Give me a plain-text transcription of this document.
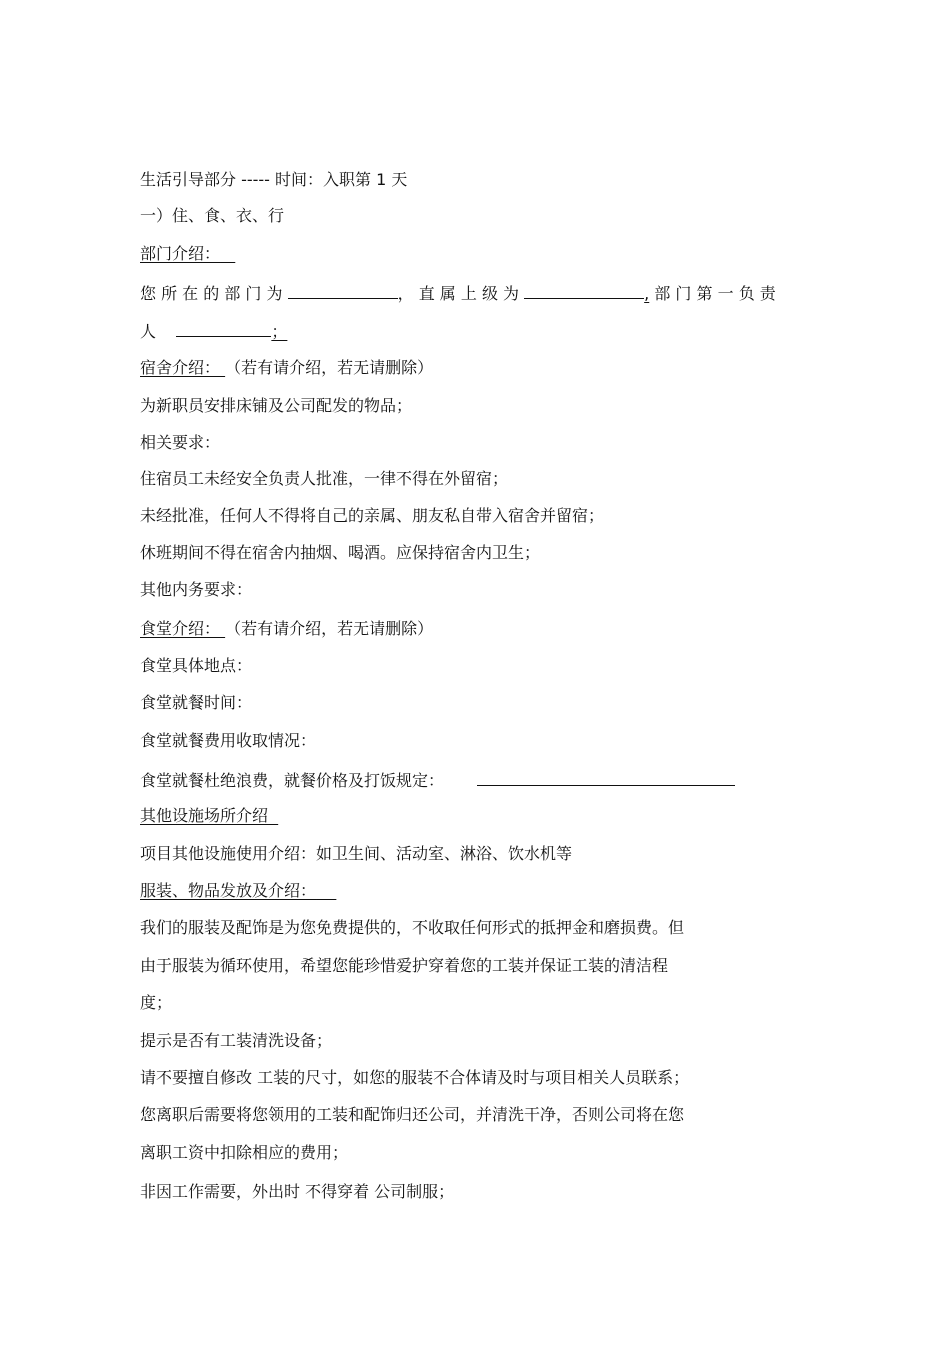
生活引导部分 ----- 时间：入职第 1 天
一）住、食、衣、行
部门介绍：
您 所 在 的 部 门 为	， 直 属 上 级 为	, 部 门 第 一 负 责
人	；
宿舍介绍： （若有请介绍，若无请删除）
为新职员安排床铺及公司配发的物品；
相关要求：
住宿员工未经安全负责人批准，一律不得在外留宿；
未经批准，任何人不得将自己的亲属、朋友私自带入宿舍并留宿；
休班期间不得在宿舍内抽烟、喝酒。应保持宿舍内卫生；
其他内务要求：
食堂介绍： （若有请介绍，若无请删除）
食堂具体地点：
食堂就餐时间：
食堂就餐费用收取情况：
食堂就餐杜绝浪费，就餐价格及打饭规定：
其他设施场所介绍
项目其他设施使用介绍：如卫生间、活动室、淋浴、饮水机等
服装、物品发放及介绍：
我们的服装及配饰是为您免费提供的，不收取任何形式的抵押金和磨损费。但
由于服装为循环使用，希望您能珍惜爱护穿着您的工装并保证工装的清洁程
度；
提示是否有工装清洗设备；
请不要擅自修改 工装的尺寸，如您的服装不合体请及时与项目相关人员联系；
您离职后需要将您领用的工装和配饰归还公司，并清洗干净，否则公司将在您
离职工资中扣除相应的费用；
非因工作需要，外出时 不得穿着 公司制服；
